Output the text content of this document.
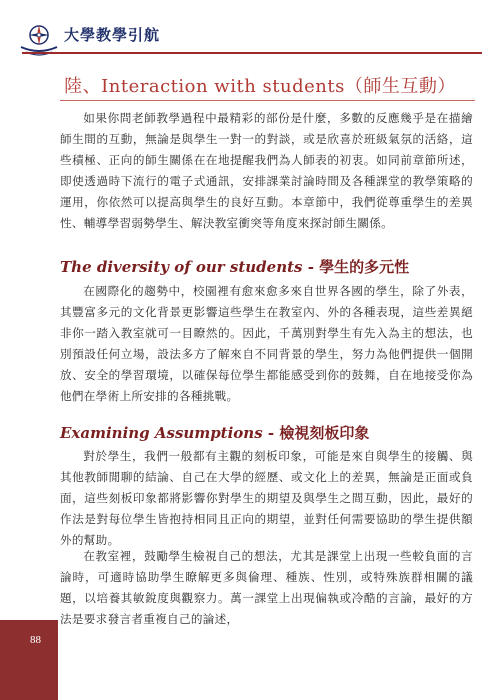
大學教學引航
陸、Interaction with students（師生互動）

如果你問老師教學過程中最精彩的部份是什麼，多數的反應幾乎是在描繪師生間的互動，無論是與學生一對一的對談，或是欣喜於班級氣氛的活絡，這些積極、正向的師生關係在在地提醒我們為人師表的初衷。如同前章節所述，即使透過時下流行的電子式通訊，安排課業討論時間及各種課堂的教學策略的運用，你依然可以提高與學生的良好互動。本章節中，我們從尊重學生的差異性、輔導學習弱勢學生、解決教室衝突等角度來探討師生關係。

The diversity of our students - 學生的多元性

在國際化的趨勢中，校園裡有愈來愈多來自世界各國的學生，除了外表，其豐富多元的文化背景更影響這些學生在教室內、外的各種表現，這些差異絕非你一踏入教室就可一目瞭然的。因此，千萬別對學生有先入為主的想法，也別預設任何立場，設法多方了解來自不同背景的學生，努力為他們提供一個開放、安全的學習環境，以確保每位學生都能感受到你的鼓舞，自在地接受你為他們在學術上所安排的各種挑戰。

Examining Assumptions - 檢視刻板印象

對於學生，我們一般都有主觀的刻板印象，可能是來自與學生的接觸、與其他教師閒聊的結論、自己在大學的經歷、或文化上的差異，無論是正面或負面，這些刻板印象都將影響你對學生的期望及與學生之間互動，因此，最好的作法是對每位學生皆抱持相同且正向的期望，並對任何需要協助的學生提供額外的幫助。

在教室裡，鼓勵學生檢視自己的想法，尤其是課堂上出現一些較負面的言論時，可適時協助學生瞭解更多與倫理、種族、性別，或特殊族群相關的議題，以培養其敏銳度與觀察力。萬一課堂上出現偏執或冷酷的言論，最好的方法是要求發言者重複自己的論述，

88
